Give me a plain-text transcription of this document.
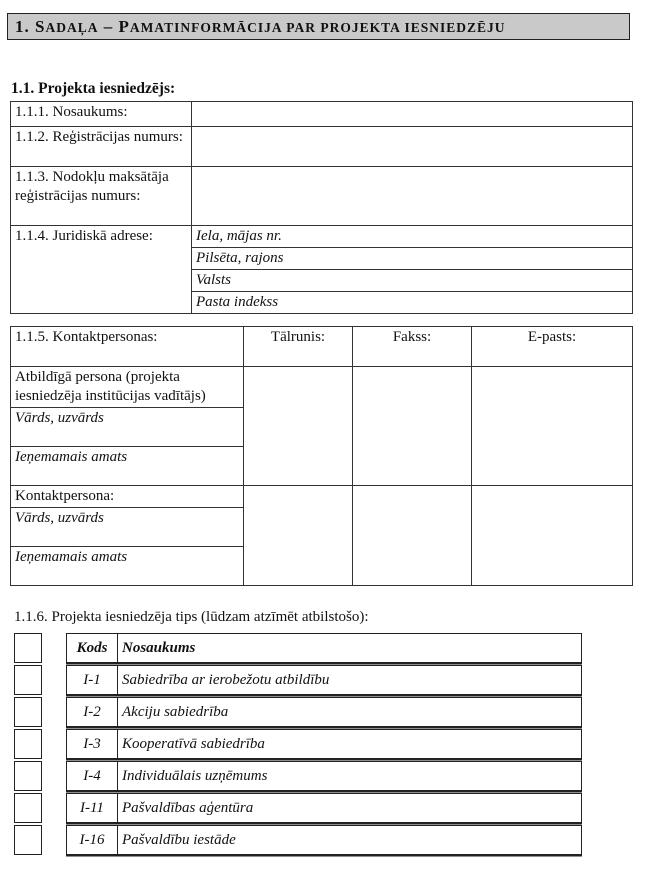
1. SADAĻA – PAMATINFORMĀCIJA PAR PROJEKTA IESNIEDZĒJU
1.1. Projekta iesniedzējs:
1.1.1. Nosaukums:	
1.1.2. Reģistrācijas numurs:	
1.1.3. Nodokļu maksātāja reģistrācijas numurs:	
1.1.4. Juridiskā adrese:	Iela, mājas nr.
	Pilsēta, rajons
	Valsts
	Pasta indekss
1.1.5. Kontaktpersonas:	Tālrunis:	Fakss:	E-pasts:
Atbildīgā persona (projekta iesniedzēja institūcijas vadītājs)			
Vārds, uzvārds			
Ieņemamais amats			
Kontaktpersona:			
Vārds, uzvārds			
Ieņemamais amats			
1.1.6. Projekta iesniedzēja tips (lūdzam atzīmēt atbilstošo):
Kods Nosaukums
I-1	Sabiedrība ar ierobežotu atbildību
I-2	Akciju sabiedrība
I-3	Kooperatīvā sabiedrība
I-4	Individuālais uzņēmums
I-11	Pašvaldības aģentūra
I-16	Pašvaldību iestāde
